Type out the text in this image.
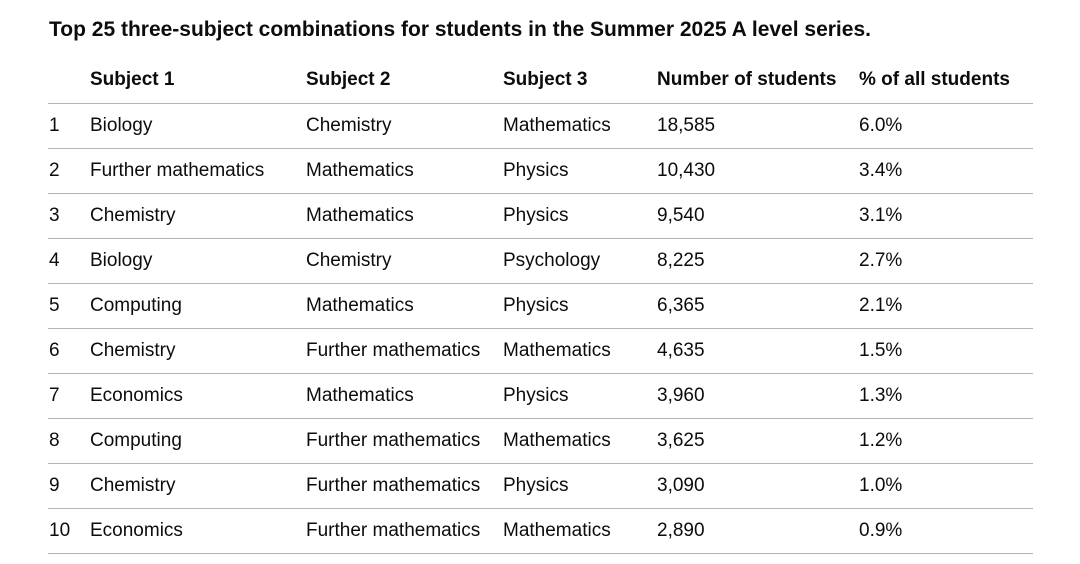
Top 25 three-subject combinations for students in the Summer 2025 A level series.
	Subject 1	Subject 2	Subject 3	Number of students	% of all students
1	Biology	Chemistry	Mathematics	18,585	6.0%
2	Further mathematics	Mathematics	Physics	10,430	3.4%
3	Chemistry	Mathematics	Physics	9,540	3.1%
4	Biology	Chemistry	Psychology	8,225	2.7%
5	Computing	Mathematics	Physics	6,365	2.1%
6	Chemistry	Further mathematics	Mathematics	4,635	1.5%
7	Economics	Mathematics	Physics	3,960	1.3%
8	Computing	Further mathematics	Mathematics	3,625	1.2%
9	Chemistry	Further mathematics	Physics	3,090	1.0%
10	Economics	Further mathematics	Mathematics	2,890	0.9%
